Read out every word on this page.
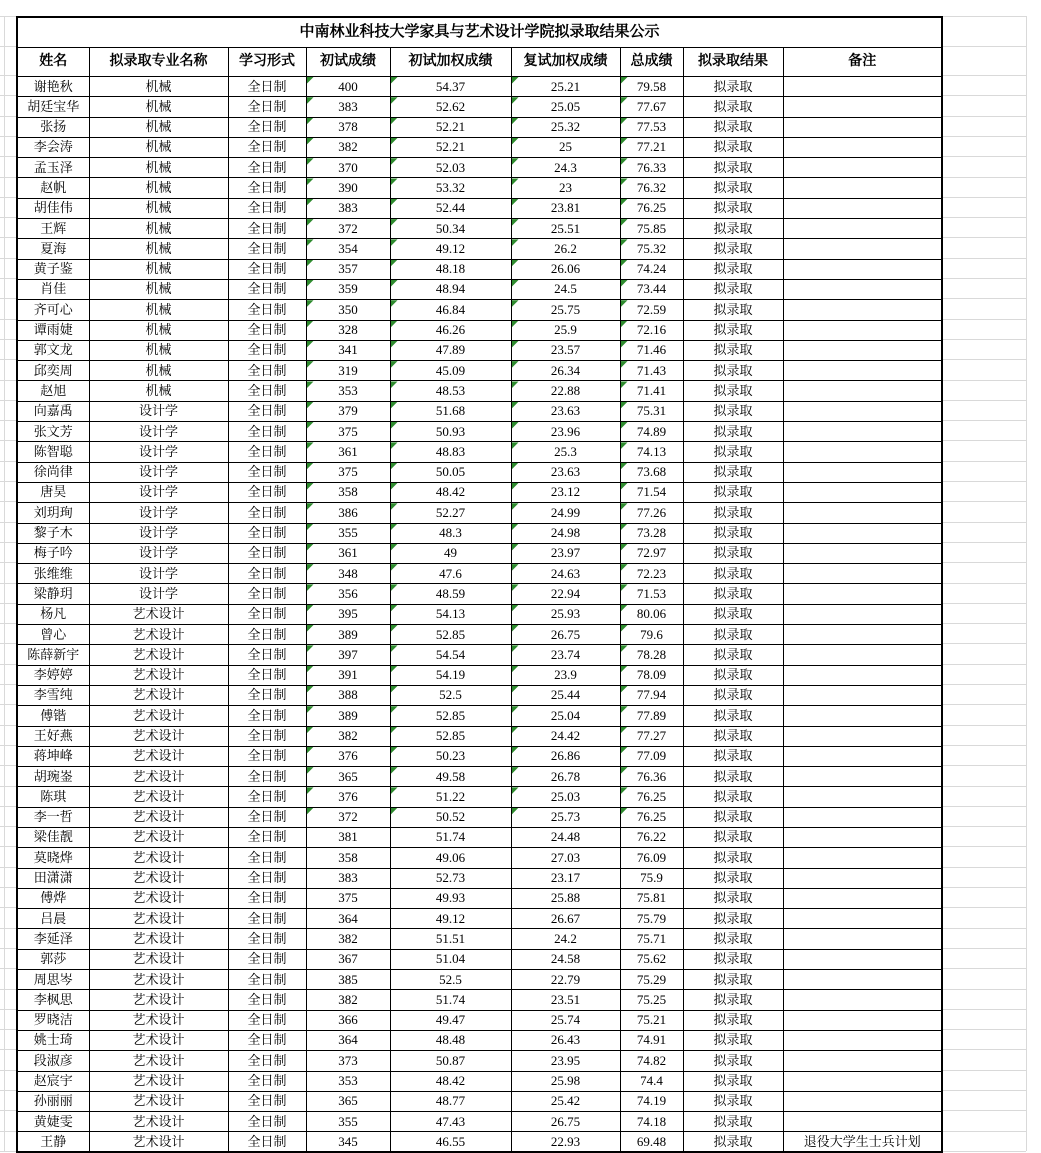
中南林业科技大学家具与艺术设计学院拟录取结果公示								
姓名	拟录取专业名称	学习形式	初试成绩	初试加权成绩	复试加权成绩	总成绩	拟录取结果	备注
谢艳秋	机械	全日制	400	54.37	25.21	79.58	拟录取	
胡廷宝华	机械	全日制	383	52.62	25.05	77.67	拟录取	
张扬	机械	全日制	378	52.21	25.32	77.53	拟录取	
李会涛	机械	全日制	382	52.21	25	77.21	拟录取	
孟玉泽	机械	全日制	370	52.03	24.3	76.33	拟录取	
赵帆	机械	全日制	390	53.32	23	76.32	拟录取	
胡佳伟	机械	全日制	383	52.44	23.81	76.25	拟录取	
王辉	机械	全日制	372	50.34	25.51	75.85	拟录取	
夏海	机械	全日制	354	49.12	26.2	75.32	拟录取	
黄子鉴	机械	全日制	357	48.18	26.06	74.24	拟录取	
肖佳	机械	全日制	359	48.94	24.5	73.44	拟录取	
齐可心	机械	全日制	350	46.84	25.75	72.59	拟录取	
谭雨婕	机械	全日制	328	46.26	25.9	72.16	拟录取	
郭文龙	机械	全日制	341	47.89	23.57	71.46	拟录取	
邱奕周	机械	全日制	319	45.09	26.34	71.43	拟录取	
赵旭	机械	全日制	353	48.53	22.88	71.41	拟录取	
向嘉禹	设计学	全日制	379	51.68	23.63	75.31	拟录取	
张文芳	设计学	全日制	375	50.93	23.96	74.89	拟录取	
陈智聪	设计学	全日制	361	48.83	25.3	74.13	拟录取	
徐尚律	设计学	全日制	375	50.05	23.63	73.68	拟录取	
唐昊	设计学	全日制	358	48.42	23.12	71.54	拟录取	
刘玥珣	设计学	全日制	386	52.27	24.99	77.26	拟录取	
黎子木	设计学	全日制	355	48.3	24.98	73.28	拟录取	
梅子吟	设计学	全日制	361	49	23.97	72.97	拟录取	
张维维	设计学	全日制	348	47.6	24.63	72.23	拟录取	
梁静玥	设计学	全日制	356	48.59	22.94	71.53	拟录取	
杨凡	艺术设计	全日制	395	54.13	25.93	80.06	拟录取	
曾心	艺术设计	全日制	389	52.85	26.75	79.6	拟录取	
陈薛新宇	艺术设计	全日制	397	54.54	23.74	78.28	拟录取	
李婷婷	艺术设计	全日制	391	54.19	23.9	78.09	拟录取	
李雪纯	艺术设计	全日制	388	52.5	25.44	77.94	拟录取	
傅锴	艺术设计	全日制	389	52.85	25.04	77.89	拟录取	
王好燕	艺术设计	全日制	382	52.85	24.42	77.27	拟录取	
蒋坤峰	艺术设计	全日制	376	50.23	26.86	77.09	拟录取	
胡琬崟	艺术设计	全日制	365	49.58	26.78	76.36	拟录取	
陈琪	艺术设计	全日制	376	51.22	25.03	76.25	拟录取	
李一哲	艺术设计	全日制	372	50.52	25.73	76.25	拟录取	
梁佳靓	艺术设计	全日制	381	51.74	24.48	76.22	拟录取	
莫晓烨	艺术设计	全日制	358	49.06	27.03	76.09	拟录取	
田潇潇	艺术设计	全日制	383	52.73	23.17	75.9	拟录取	
傅烨	艺术设计	全日制	375	49.93	25.88	75.81	拟录取	
吕晨	艺术设计	全日制	364	49.12	26.67	75.79	拟录取	
李延泽	艺术设计	全日制	382	51.51	24.2	75.71	拟录取	
郭莎	艺术设计	全日制	367	51.04	24.58	75.62	拟录取	
周思岑	艺术设计	全日制	385	52.5	22.79	75.29	拟录取	
李枫思	艺术设计	全日制	382	51.74	23.51	75.25	拟录取	
罗晓洁	艺术设计	全日制	366	49.47	25.74	75.21	拟录取	
姚士琦	艺术设计	全日制	364	48.48	26.43	74.91	拟录取	
段淑彦	艺术设计	全日制	373	50.87	23.95	74.82	拟录取	
赵宸宇	艺术设计	全日制	353	48.42	25.98	74.4	拟录取	
孙丽丽	艺术设计	全日制	365	48.77	25.42	74.19	拟录取	
黄婕雯	艺术设计	全日制	355	47.43	26.75	74.18	拟录取	
王静	艺术设计	全日制	345	46.55	22.93	69.48	拟录取	退役大学生士兵计划
